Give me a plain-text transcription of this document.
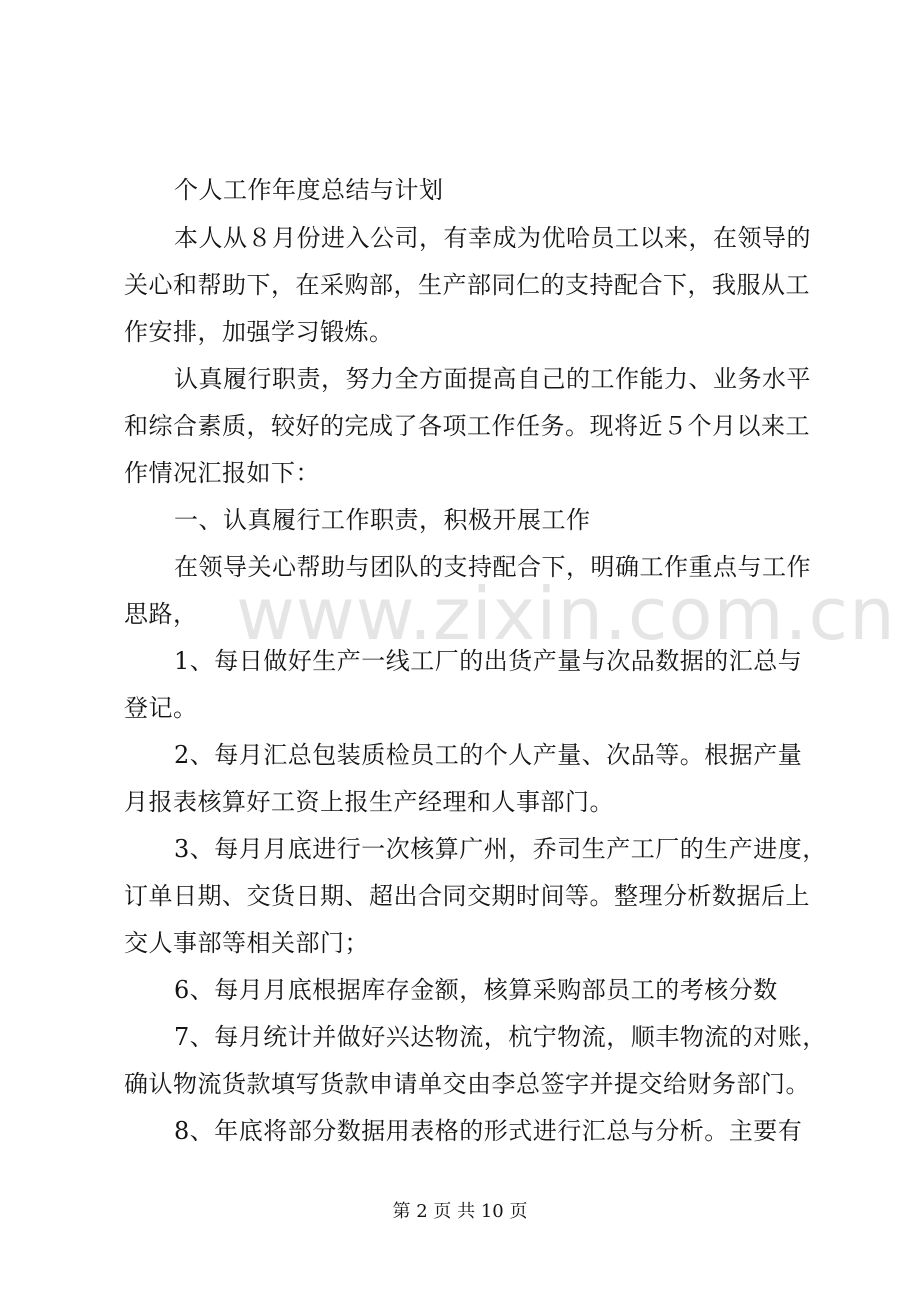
www.zixin.com.cn
个人工作年度总结与计划
本人从８月份进入公司，有幸成为优哈员工以来，在领导的
关心和帮助下，在采购部，生产部同仁的支持配合下，我服从工
作安排，加强学习锻炼。
认真履行职责，努力全方面提高自己的工作能力、业务水平
和综合素质，较好的完成了各项工作任务。现将近５个月以来工
作情况汇报如下：
一、认真履行工作职责，积极开展工作
在领导关心帮助与团队的支持配合下，明确工作重点与工作
思路，
1、每日做好生产一线工厂的出货产量与次品数据的汇总与
登记。
2、每月汇总包装质检员工的个人产量、次品等。根据产量
月报表核算好工资上报生产经理和人事部门。
3、每月月底进行一次核算广州，乔司生产工厂的生产进度，
订单日期、交货日期、超出合同交期时间等。整理分析数据后上
交人事部等相关部门；
6、每月月底根据库存金额，核算采购部员工的考核分数
7、每月统计并做好兴达物流，杭宁物流，顺丰物流的对账，
确认物流货款填写货款申请单交由李总签字并提交给财务部门。
8、年底将部分数据用表格的形式进行汇总与分析。主要有
第 2 页 共 10 页
